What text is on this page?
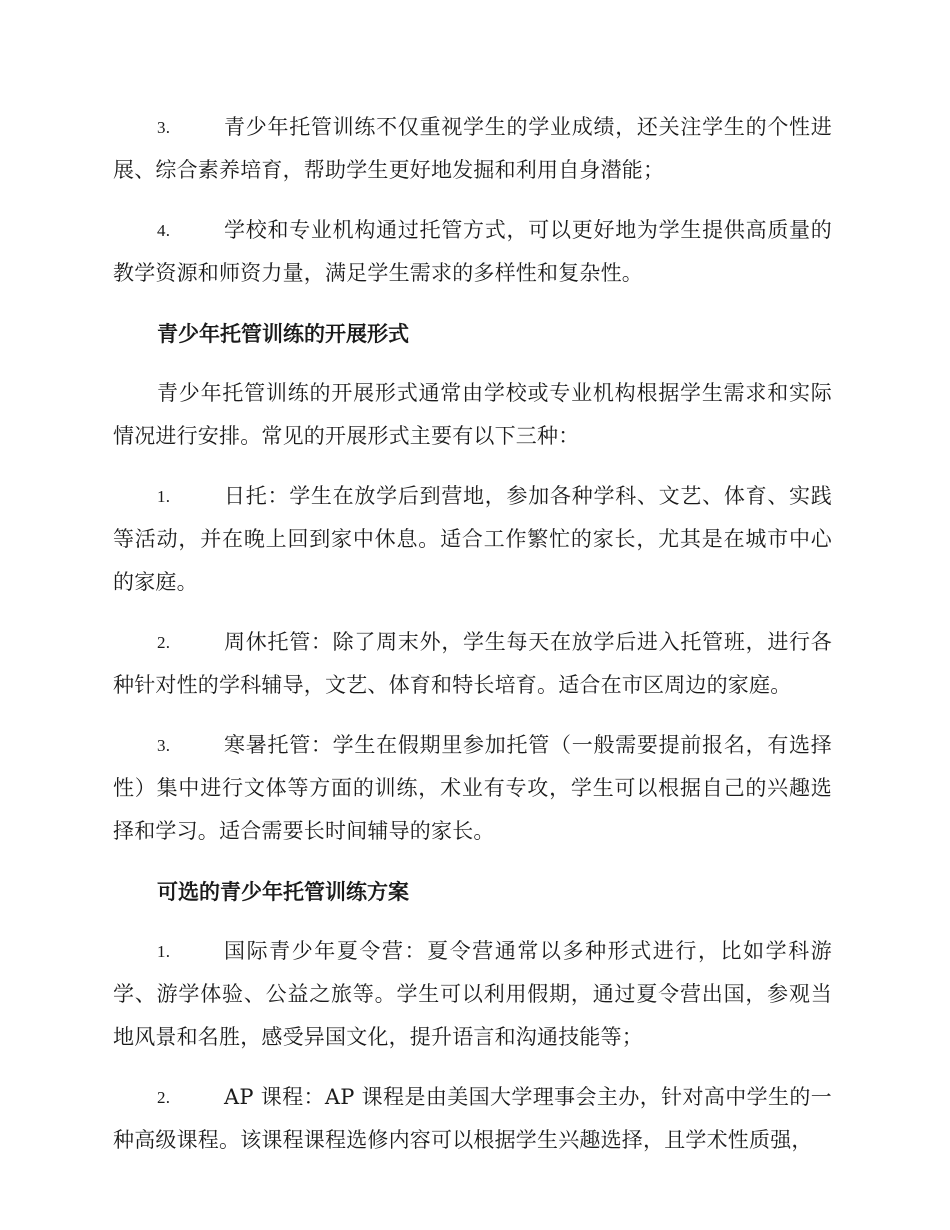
3.	青少年托管训练不仅重视学生的学业成绩，还关注学生的个性进展、综合素养培育，帮助学生更好地发掘和利用自身潜能；
4.	学校和专业机构通过托管方式，可以更好地为学生提供高质量的教学资源和师资力量，满足学生需求的多样性和复杂性。
青少年托管训练的开展形式
青少年托管训练的开展形式通常由学校或专业机构根据学生需求和实际情况进行安排。常见的开展形式主要有以下三种：
1.	日托：学生在放学后到营地，参加各种学科、文艺、体育、实践等活动，并在晚上回到家中休息。适合工作繁忙的家长，尤其是在城市中心的家庭。
2.	周休托管：除了周末外，学生每天在放学后进入托管班，进行各种针对性的学科辅导，文艺、体育和特长培育。适合在市区周边的家庭。
3.	寒暑托管：学生在假期里参加托管（一般需要提前报名，有选择性）集中进行文体等方面的训练，术业有专攻，学生可以根据自己的兴趣选择和学习。适合需要长时间辅导的家长。
可选的青少年托管训练方案
1.	国际青少年夏令营：夏令营通常以多种形式进行，比如学科游学、游学体验、公益之旅等。学生可以利用假期，通过夏令营出国，参观当地风景和名胜，感受异国文化，提升语言和沟通技能等；
2.	AP 课程：AP 课程是由美国大学理事会主办，针对高中学生的一种高级课程。该课程课程选修内容可以根据学生兴趣选择，且学术性质强，
